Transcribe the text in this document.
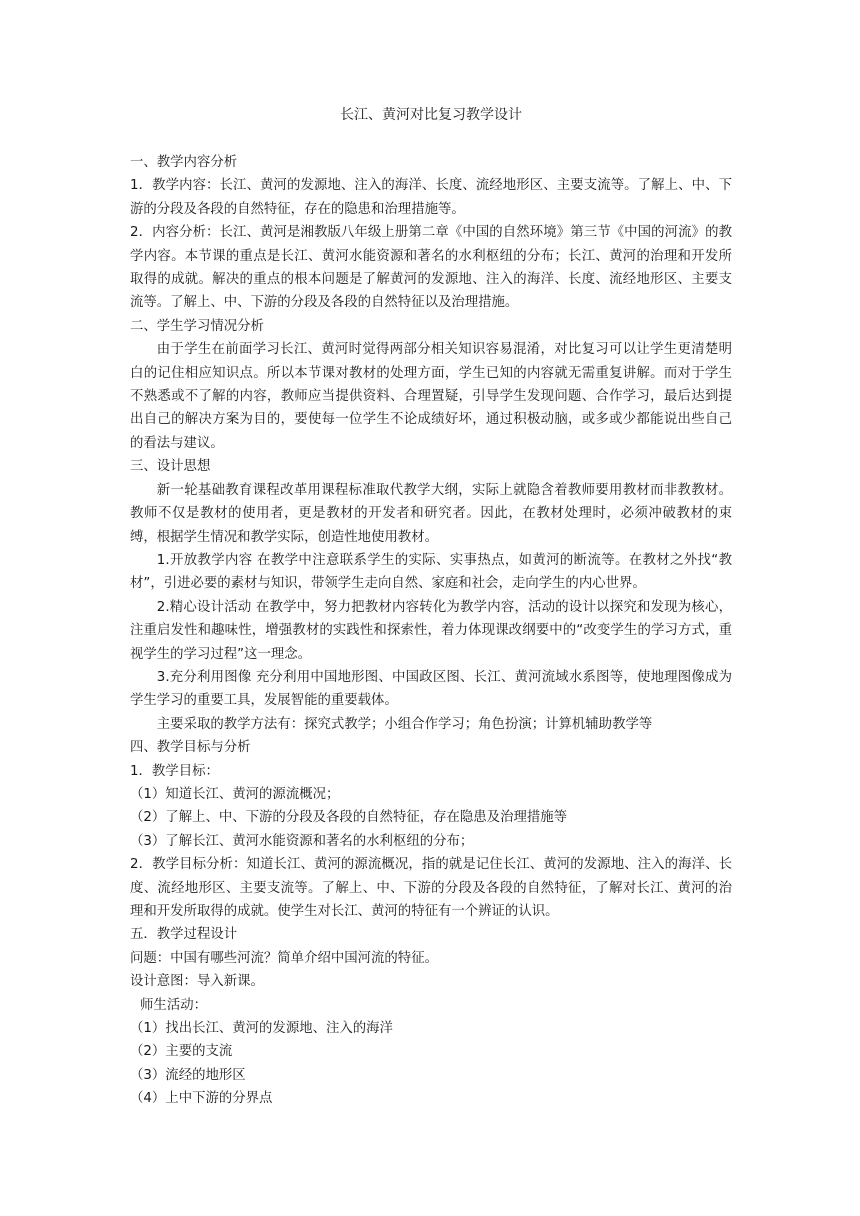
长江、黄河对比复习教学设计

一、教学内容分析

1．教学内容：长江、黄河的发源地、注入的海洋、长度、流经地形区、主要支流等。了解上、中、下游的分段及各段的自然特征，存在的隐患和治理措施等。

2．内容分析：长江、黄河是湘教版八年级上册第二章《中国的自然环境》第三节《中国的河流》的教学内容。本节课的重点是长江、黄河水能资源和著名的水利枢纽的分布；长江、黄河的治理和开发所取得的成就。解决的重点的根本问题是了解黄河的发源地、注入的海洋、长度、流经地形区、主要支流等。了解上、中、下游的分段及各段的自然特征以及治理措施。

二、学生学习情况分析

由于学生在前面学习长江、黄河时觉得两部分相关知识容易混淆，对比复习可以让学生更清楚明白的记住相应知识点。所以本节课对教材的处理方面，学生已知的内容就无需重复讲解。而对于学生不熟悉或不了解的内容，教师应当提供资料、合理置疑，引导学生发现问题、合作学习，最后达到提出自己的解决方案为目的，要使每一位学生不论成绩好坏，通过积极动脑，或多或少都能说出些自己的看法与建议。

三、设计思想

新一轮基础教育课程改革用课程标准取代教学大纲，实际上就隐含着教师要用教材而非教教材。教师不仅是教材的使用者，更是教材的开发者和研究者。因此，在教材处理时，必须冲破教材的束缚，根据学生情况和教学实际，创造性地使用教材。

1.开放教学内容 在教学中注意联系学生的实际、实事热点，如黄河的断流等。在教材之外找“教材”，引进必要的素材与知识，带领学生走向自然、家庭和社会，走向学生的内心世界。

2.精心设计活动 在教学中，努力把教材内容转化为教学内容，活动的设计以探究和发现为核心，注重启发性和趣味性，增强教材的实践性和探索性，着力体现课改纲要中的“改变学生的学习方式，重视学生的学习过程”这一理念。

3.充分利用图像 充分利用中国地形图、中国政区图、长江、黄河流域水系图等，使地理图像成为学生学习的重要工具，发展智能的重要载体。

主要采取的教学方法有：探究式教学；小组合作学习；角色扮演；计算机辅助教学等

四、教学目标与分析

1．教学目标：

（1）知道长江、黄河的源流概况；

（2）了解上、中、下游的分段及各段的自然特征，存在隐患及治理措施等

（3）了解长江、黄河水能资源和著名的水利枢纽的分布；

2．教学目标分析：知道长江、黄河的源流概况，指的就是记住长江、黄河的发源地、注入的海洋、长度、流经地形区、主要支流等。了解上、中、下游的分段及各段的自然特征，了解对长江、黄河的治理和开发所取得的成就。使学生对长江、黄河的特征有一个辨证的认识。

五．教学过程设计

问题：中国有哪些河流？简单介绍中国河流的特征。

设计意图：导入新课。

师生活动：

（1）找出长江、黄河的发源地、注入的海洋

（2）主要的支流

（3）流经的地形区

（4）上中下游的分界点
